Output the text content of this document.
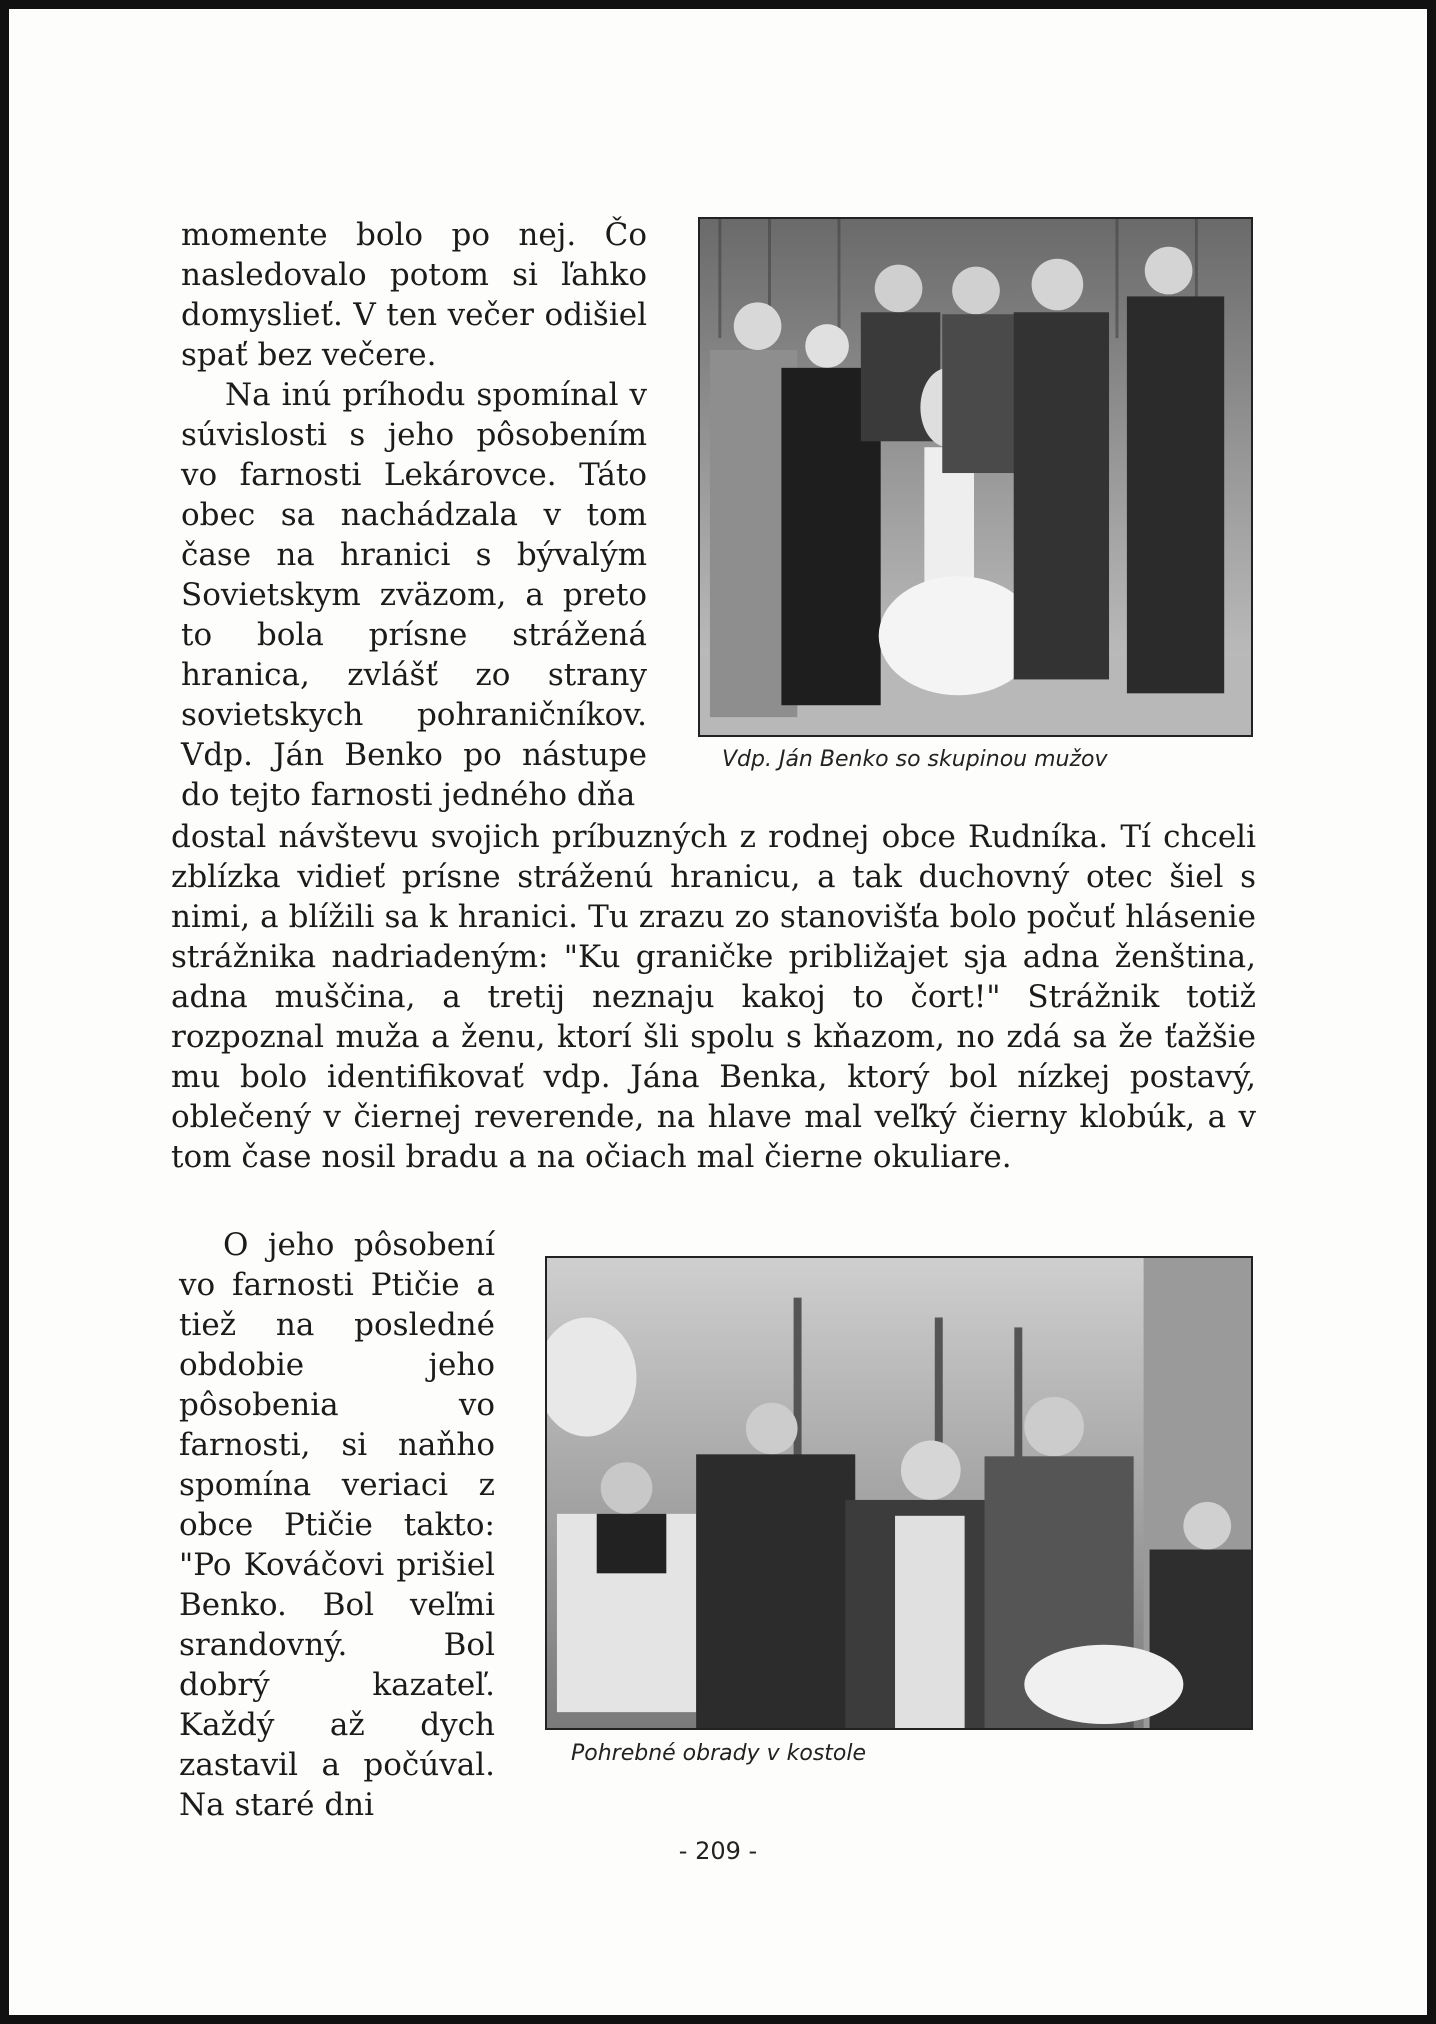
momente bolo po nej. Čo nasledovalo potom si ľahko domyslieť. V ten večer odišiel spať bez večere.

Na inú príhodu spomínal v súvislosti s jeho pôsobením vo farnosti Lekárovce. Táto obec sa nachádzala v tom čase na hranici s bývalým Sovietskym zväzom, a preto to bola prísne strážená hranica, zvlášť zo strany sovietskych pohraničníkov. Vdp. Ján Benko po nástupe do tejto farnosti jedného dňa

Vdp. Ján Benko so skupinou mužov

dostal návštevu svojich príbuzných z rodnej obce Rudníka. Tí chceli zblízka vidieť prísne stráženú hranicu, a tak duchovný otec šiel s nimi, a blížili sa k hranici. Tu zrazu zo stanovišťa bolo počuť hlásenie strážnika nadriadeným: "Ku graničke približajet sja adna ženština, adna muščina, a tretij neznaju kakoj to čort!" Strážnik totiž rozpoznal muža a ženu, ktorí šli spolu s kňazom, no zdá sa že ťažšie mu bolo identifikovať vdp. Jána Benka, ktorý bol nízkej postavý, oblečený v čiernej reverende, na hlave mal veľký čierny klobúk, a v tom čase nosil bradu a na očiach mal čierne okuliare.

O jeho pôsobení vo farnosti Ptičie a tiež na posledné obdobie jeho pôsobenia vo farnosti, si naňho spomína veriaci z obce Ptičie takto: "Po Kováčovi prišiel Benko. Bol veľmi srandovný. Bol dobrý kazateľ. Každý až dych zastavil a počúval. Na staré dni

Pohrebné obrady v kostole
- 209 -
